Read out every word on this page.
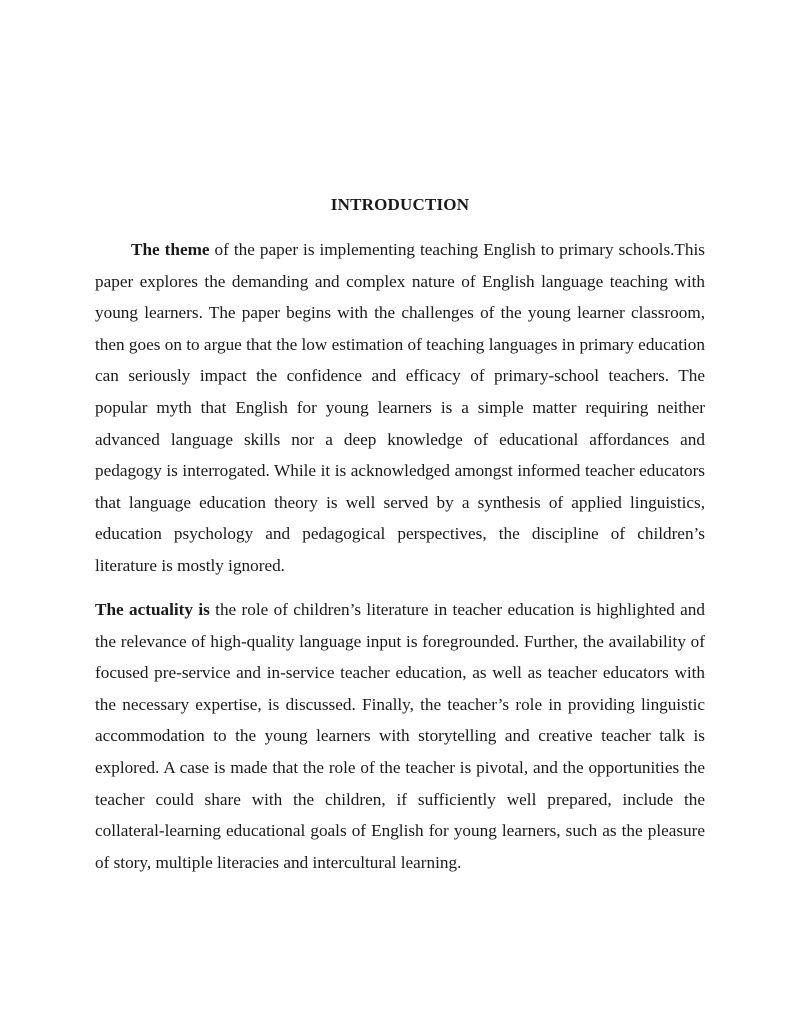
INTRODUCTION

The theme of the paper is implementing teaching English to primary schools.This paper explores the demanding and complex nature of English language teaching with young learners. The paper begins with the challenges of the young learner classroom, then goes on to argue that the low estimation of teaching languages in primary education can seriously impact the confidence and efficacy of primary-school teachers. The popular myth that English for young learners is a simple matter requiring neither advanced language skills nor a deep knowledge of educational affordances and pedagogy is interrogated. While it is acknowledged amongst informed teacher educators that language education theory is well served by a synthesis of applied linguistics, education psychology and pedagogical perspectives, the discipline of children’s literature is mostly ignored.

The actuality is the role of children’s literature in teacher education is highlighted and the relevance of high-quality language input is foregrounded. Further, the availability of focused pre-service and in-service teacher education, as well as teacher educators with the necessary expertise, is discussed. Finally, the teacher’s role in providing linguistic accommodation to the young learners with storytelling and creative teacher talk is explored. A case is made that the role of the teacher is pivotal, and the opportunities the teacher could share with the children, if sufficiently well prepared, include the collateral-learning educational goals of English for young learners, such as the pleasure of story, multiple literacies and intercultural learning.
